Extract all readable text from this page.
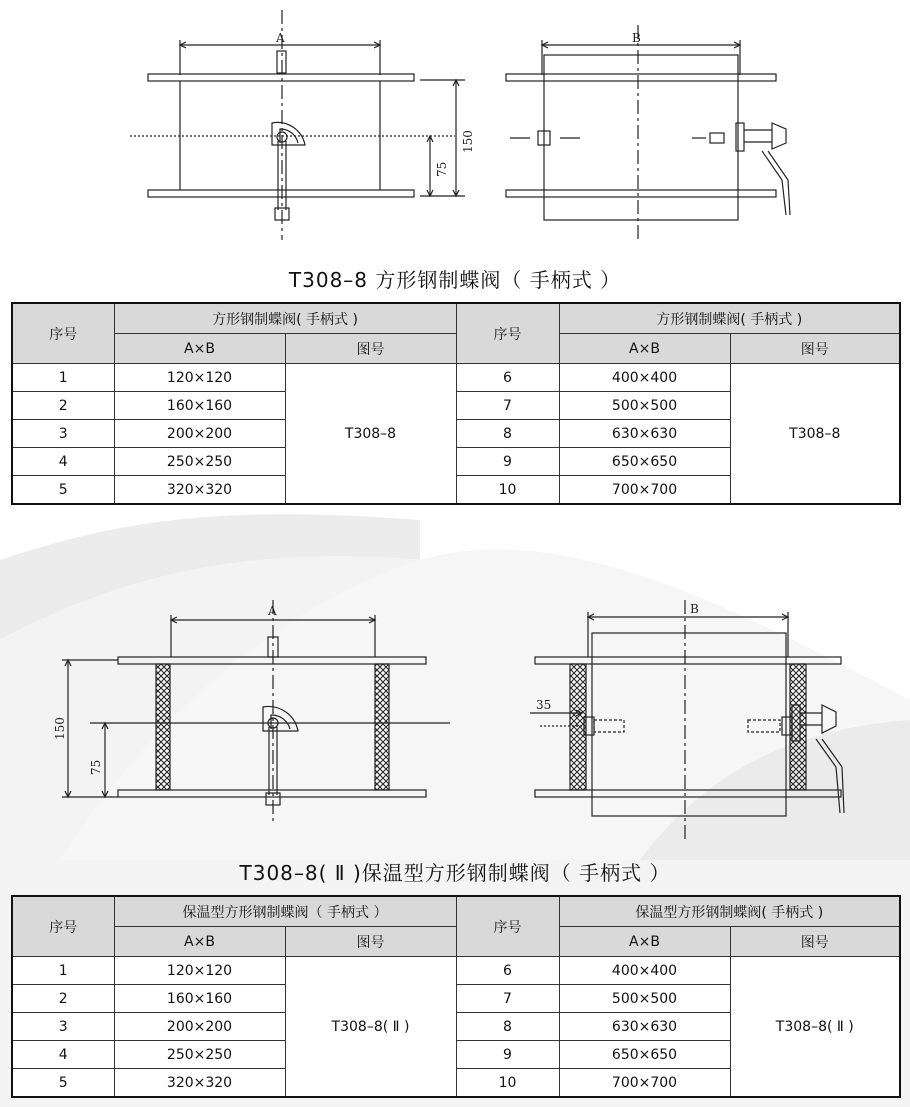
A
150
75
B
T308–8 方形钢制蝶阀（ 手柄式 ）
序号	方形钢制蝶阀( 手柄式 )		序号	方形钢制蝶阀( 手柄式 )	
	A×B	图号		A×B	图号
1	120×120	T308–8	6	400×400	T308–8
2	160×160		7	500×500	
3	200×200		8	630×630	
4	250×250		9	650×650	
5	320×320		10	700×700	
A
150
75
B
35
T308–8( Ⅱ )保温型方形钢制蝶阀（ 手柄式 ）
序号	保温型方形钢制蝶阀（ 手柄式 ）		序号	保温型方形钢制蝶阀( 手柄式 )	
	A×B	图号		A×B	图号
1	120×120	T308–8( Ⅱ )	6	400×400	T308–8( Ⅱ )
2	160×160		7	500×500	
3	200×200		8	630×630	
4	250×250		9	650×650	
5	320×320		10	700×700	
